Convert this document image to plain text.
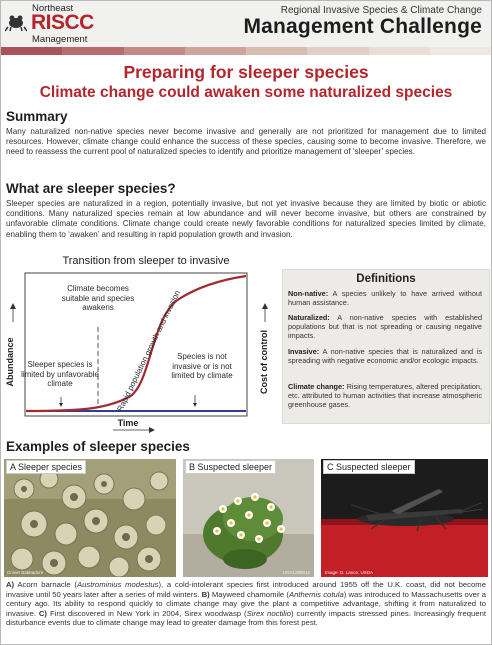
Northeast
RISCC
Management
Regional Invasive Species & Climate Change
Management Challenge
Preparing for sleeper species
Climate change could awaken some naturalized species
Summary
Many naturalized non-native species never become invasive and generally are not prioritized for management due to limited resources. However, climate change could enhance the success of these species, causing some to become invasive. Therefore, we need to reassess the current pool of naturalized species to identify and prioritize management of ‘sleeper’ species.
What are sleeper species?
Sleeper species are naturalized in a region, potentially invasive, but not yet invasive because they are limited by biotic or abiotic conditions. Many naturalized species remain at low abundance and will never become invasive, but others are constrained by unfavorable climate conditions. Climate change could create newly favorable conditions for naturalized species limited by climate, enabling them to ‘awaken’ and resulting in rapid population growth and invasion.
Transition from sleeper to invasive
Rapid population growth and invasion
Abundance	Cost of control
Climate becomes suitable and species awakens
Sleeper species is limited by unfavorable climate
Species is not invasive or is not limited by climate
Time
Definitions
Non-native: A species unlikely to have arrived without human assistance.
Naturalized: A non-native species with established populations but that is not spreading or causing negative impacts.
Invasive: A non-native species that is naturalized and is spreading with negative economic and/or ecologic impacts.
Climate change: Rising temperatures, altered precipitation, etc. attributed to human activities that increase atmospheric greenhouse gases.
Examples of sleeper species
A Sleeper species
Crown Babbadore
B Suspected sleeper
UGA1289012
C Suspected sleeper
Image: D. Lance, USDA
A) Acorn barnacle (Austrominius modestus), a cold-intolerant species first introduced around 1955 off the U.K. coast, did not become invasive until 50 years later after a series of mild winters. B) Mayweed chamomile (Anthemis cotula) was introduced to Massachusetts over a century ago. Its ability to respond quickly to climate change may give the plant a competitive advantage, shifting it from naturalized to invasive. C) First discovered in New York in 2004, Sirex woodwasp (Sirex noctilio) currently impacts stressed pines. Increasingly frequent disturbance events due to climate change may lead to greater damage from this forest pest.
